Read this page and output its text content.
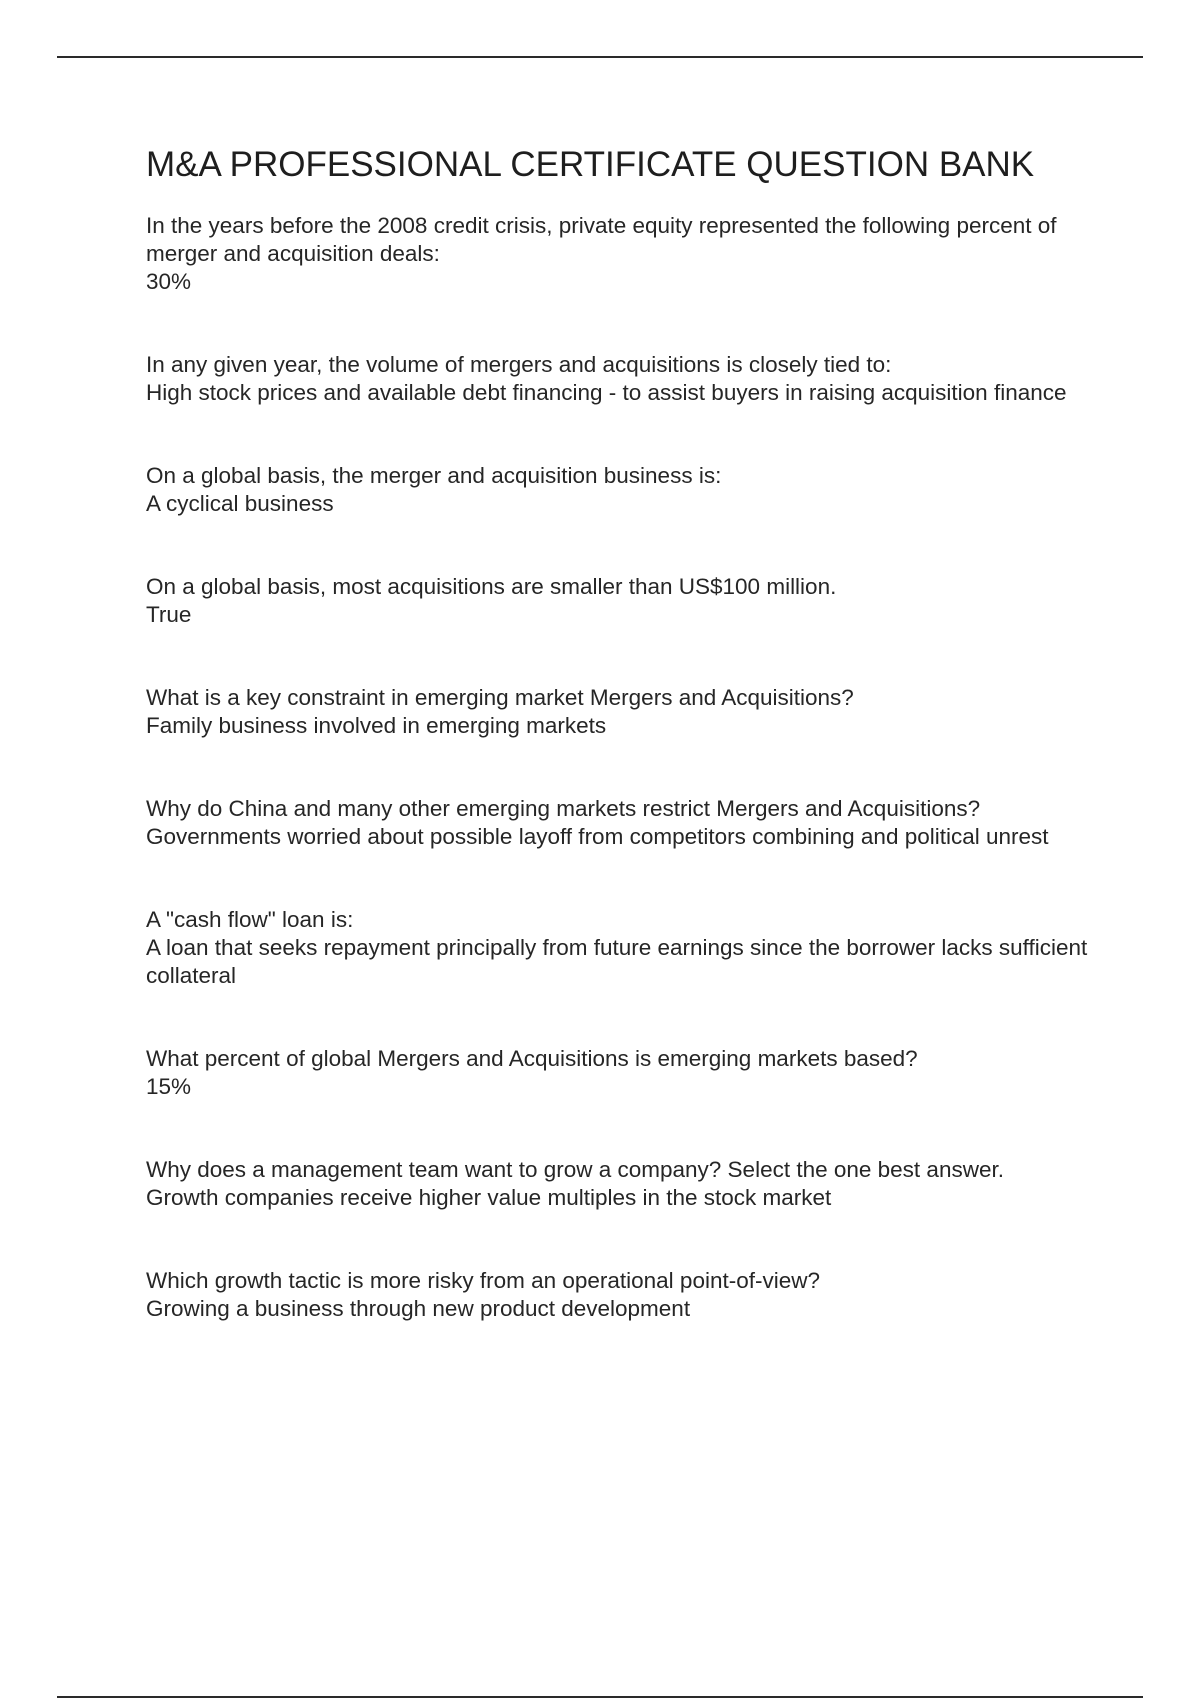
M&A PROFESSIONAL CERTIFICATE QUESTION BANK
In the years before the 2008 credit crisis, private equity represented the following percent of merger and acquisition deals:
30%
In any given year, the volume of mergers and acquisitions is closely tied to:
High stock prices and available debt financing - to assist buyers in raising acquisition finance
On a global basis, the merger and acquisition business is:
A cyclical business
On a global basis, most acquisitions are smaller than US$100 million.
True
What is a key constraint in emerging market Mergers and Acquisitions?
Family business involved in emerging markets
Why do China and many other emerging markets restrict Mergers and Acquisitions?
Governments worried about possible layoff from competitors combining and political unrest
A "cash flow" loan is:
A loan that seeks repayment principally from future earnings since the borrower lacks sufficient collateral
What percent of global Mergers and Acquisitions is emerging markets based?
15%
Why does a management team want to grow a company? Select the one best answer.
Growth companies receive higher value multiples in the stock market
Which growth tactic is more risky from an operational point-of-view?
Growing a business through new product development
